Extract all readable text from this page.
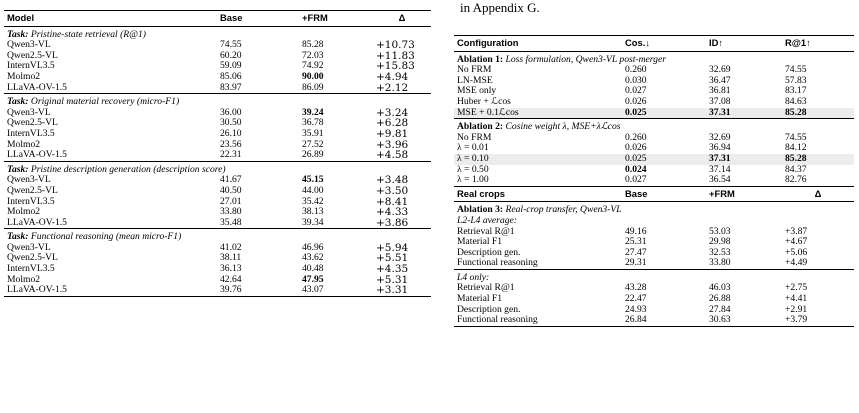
in Appendix G.
Model	Base	+FRM	Δ
Task: Pristine-state retrieval (R@1)			
Qwen3-VL	74.55	85.28	+10.73
Qwen2.5-VL	60.20	72.03	+11.83
InternVL3.5	59.09	74.92	+15.83
Molmo2	85.06	90.00	+4.94
LLaVA-OV-1.5	83.97	86.09	+2.12
Task: Original material recovery (micro-F1)			
Qwen3-VL	36.00	39.24	+3.24
Qwen2.5-VL	30.50	36.78	+6.28
InternVL3.5	26.10	35.91	+9.81
Molmo2	23.56	27.52	+3.96
LLaVA-OV-1.5	22.31	26.89	+4.58
Task: Pristine description generation (description score)			
Qwen3-VL	41.67	45.15	+3.48
Qwen2.5-VL	40.50	44.00	+3.50
InternVL3.5	27.01	35.42	+8.41
Molmo2	33.80	38.13	+4.33
LLaVA-OV-1.5	35.48	39.34	+3.86
Task: Functional reasoning (mean micro-F1)			
Qwen3-VL	41.02	46.96	+5.94
Qwen2.5-VL	38.11	43.62	+5.51
InternVL3.5	36.13	40.48	+4.35
Molmo2	42.64	47.95	+5.31
LLaVA-OV-1.5	39.76	43.07	+3.31
Configuration	Cos.↓	ID↑	R@1↑
Ablation 1: Loss formulation, Qwen3-VL post-merger			
No FRM	0.260	32.69	74.55
LN-MSE	0.030	36.47	57.83
MSE only	0.027	36.81	83.17
Huber + ℒcos	0.026	37.08	84.63
MSE + 0.1ℒcos	0.025	37.31	85.28
Ablation 2: Cosine weight λ, MSE+λℒcos			
No FRM	0.260	32.69	74.55
λ = 0.01	0.026	36.94	84.12
λ = 0.10	0.025	37.31	85.28
λ = 0.50	0.024	37.14	84.37
λ = 1.00	0.027	36.54	82.76
Real crops	Base	+FRM	Δ
Ablation 3: Real-crop transfer, Qwen3-VL			
L2-L4 average:			
Retrieval R@1	49.16	53.03	+3.87
Material F1	25.31	29.98	+4.67
Description gen.	27.47	32.53	+5.06
Functional reasoning	29.31	33.80	+4.49
L4 only:			
Retrieval R@1	43.28	46.03	+2.75
Material F1	22.47	26.88	+4.41
Description gen.	24.93	27.84	+2.91
Functional reasoning	26.84	30.63	+3.79
